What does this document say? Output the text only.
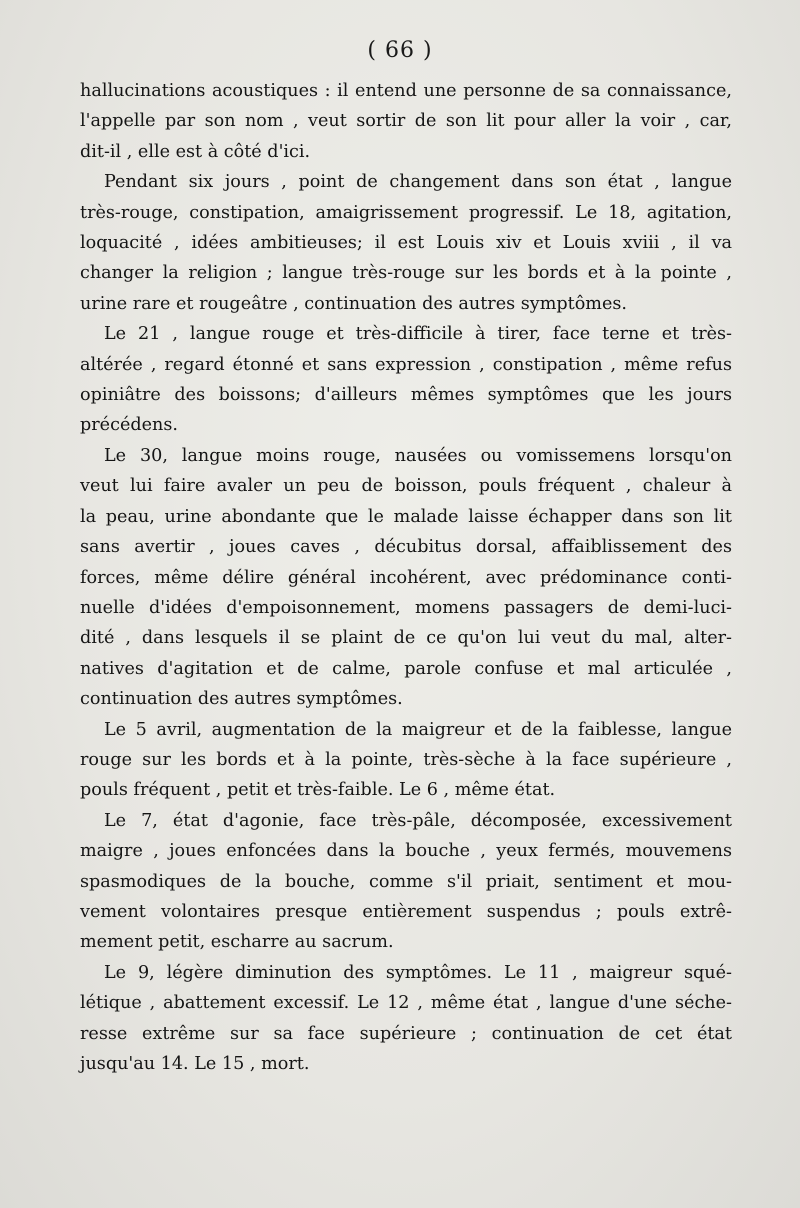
( 66 )
hallucinations acoustiques : il entend une personne de sa connaissance,
l'appelle par son nom , veut sortir de son lit pour aller la voir , car,
dit-il , elle est à côté d'ici.
Pendant six jours , point de changement dans son état , langue
très-rouge, constipation, amaigrissement progressif. Le 18, agitation,
loquacité , idées ambitieuses; il est Louis xiv et Louis xviii , il va
changer la religion ; langue très-rouge sur les bords et à la pointe ,
urine rare et rougeâtre , continuation des autres symptômes.
Le 21 , langue rouge et très-difficile à tirer, face terne et très-
altérée , regard étonné et sans expression , constipation , même refus
opiniâtre des boissons; d'ailleurs mêmes symptômes que les jours
précédens.
Le 30, langue moins rouge, nausées ou vomissemens lorsqu'on
veut lui faire avaler un peu de boisson, pouls fréquent , chaleur à
la peau, urine abondante que le malade laisse échapper dans son lit
sans avertir , joues caves , décubitus dorsal, affaiblissement des
forces, même délire général incohérent, avec prédominance conti-
nuelle d'idées d'empoisonnement, momens passagers de demi-luci-
dité , dans lesquels il se plaint de ce qu'on lui veut du mal, alter-
natives d'agitation et de calme, parole confuse et mal articulée ,
continuation des autres symptômes.
Le 5 avril, augmentation de la maigreur et de la faiblesse, langue
rouge sur les bords et à la pointe, très-sèche à la face supérieure ,
pouls fréquent , petit et très-faible. Le 6 , même état.
Le 7, état d'agonie, face très-pâle, décomposée, excessivement
maigre , joues enfoncées dans la bouche , yeux fermés, mouvemens
spasmodiques de la bouche, comme s'il priait, sentiment et mou-
vement volontaires presque entièrement suspendus ; pouls extrê-
mement petit, escharre au sacrum.
Le 9, légère diminution des symptômes. Le 11 , maigreur squé-
létique , abattement excessif. Le 12 , même état , langue d'une séche-
resse extrême sur sa face supérieure ; continuation de cet état
jusqu'au 14. Le 15 , mort.
